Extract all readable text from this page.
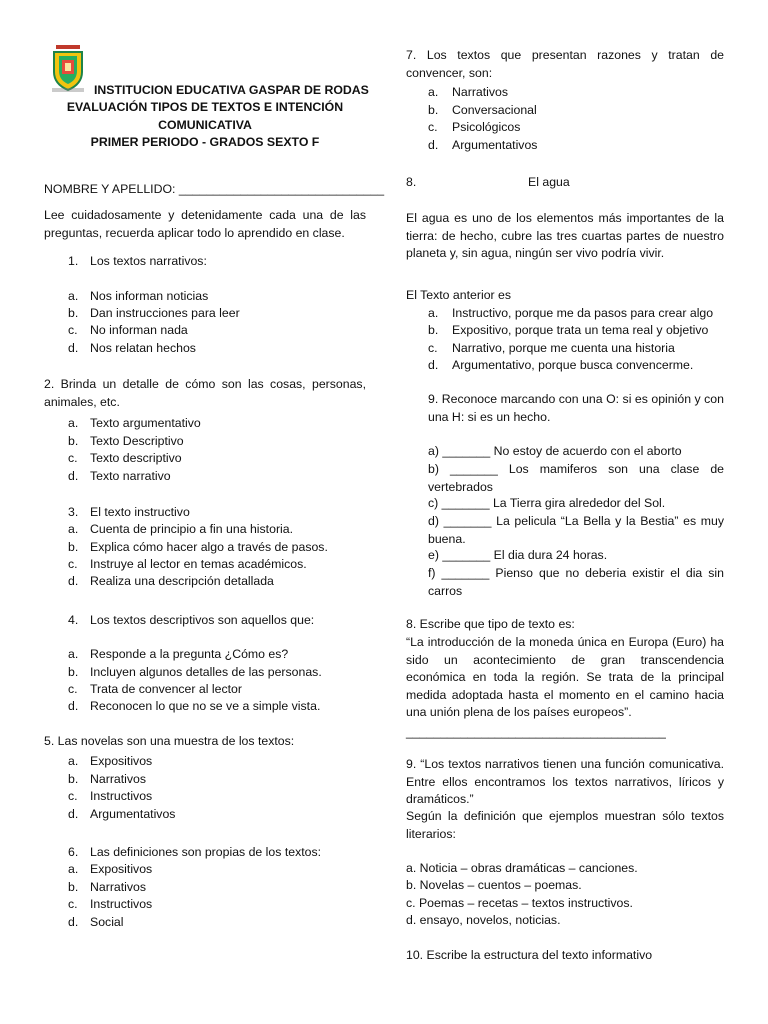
INSTITUCION EDUCATIVA GASPAR DE RODAS
EVALUACIÓN TIPOS DE TEXTOS E INTENCIÓN
COMUNICATIVA
PRIMER PERIODO - GRADOS SEXTO F
NOMBRE Y APELLIDO: ______________________________
Lee cuidadosamente y detenidamente cada una de las preguntas, recuerda aplicar todo lo aprendido en clase.
1. Los textos narrativos:
a. Nos informan noticias
b. Dan instrucciones para leer
c. No informan nada
d. Nos relatan hechos
2. Brinda un detalle de cómo son las cosas, personas, animales, etc.
a. Texto argumentativo
b. Texto Descriptivo
c. Texto descriptivo
d. Texto narrativo
3. El texto instructivo
a. Cuenta de principio a fin una historia.
b. Explica cómo hacer algo a través de pasos.
c. Instruye al lector en temas académicos.
d. Realiza una descripción detallada
4. Los textos descriptivos son aquellos que:
a. Responde a la pregunta ¿Cómo es?
b. Incluyen algunos detalles de las personas.
c. Trata de convencer al lector
d. Reconocen lo que no se ve a simple vista.
5. Las novelas son una muestra de los textos:
a. Expositivos
b. Narrativos
c. Instructivos
d. Argumentativos
6. Las definiciones son propias de los textos:
a. Expositivos
b. Narrativos
c. Instructivos
d. Social
7. Los textos que presentan razones y tratan de convencer, son:
a. Narrativos
b. Conversacional
c. Psicológicos
d. Argumentativos
8.	El agua
El agua es uno de los elementos más importantes de la tierra: de hecho, cubre las tres cuartas partes de nuestro planeta y, sin agua, ningún ser vivo podría vivir.
El Texto anterior es
a. Instructivo, porque me da pasos para crear algo
b. Expositivo, porque trata un tema real y objetivo
c. Narrativo, porque me cuenta una historia
d. Argumentativo, porque busca convencerme.
9. Reconoce marcando con una O: si es opinión y con una H: si es un hecho.
a) _______ No estoy de acuerdo con el aborto
b) _______ Los mamiferos son una clase de vertebrados
c) _______ La Tierra gira alrededor del Sol.
d) _______ La pelicula “La Bella y la Bestia” es muy buena.
e) _______ El dia dura 24 horas.
f) _______ Pienso que no deberia existir el dia sin carros
8. Escribe que tipo de texto es:
“La introducción de la moneda única en Europa (Euro) ha sido un acontecimiento de gran transcendencia económica en toda la región. Se trata de la principal medida adoptada hasta el momento en el camino hacia una unión plena de los países europeos”.
______________________________________
9. “Los textos narrativos tienen una función comunicativa. Entre ellos encontramos los textos narrativos, líricos y dramáticos.”
Según la definición que ejemplos muestran sólo textos literarios:
a. Noticia – obras dramáticas – canciones.
b. Novelas – cuentos – poemas.
c. Poemas – recetas – textos instructivos.
d. ensayo, novelos, noticias.
10. Escribe la estructura del texto informativo
